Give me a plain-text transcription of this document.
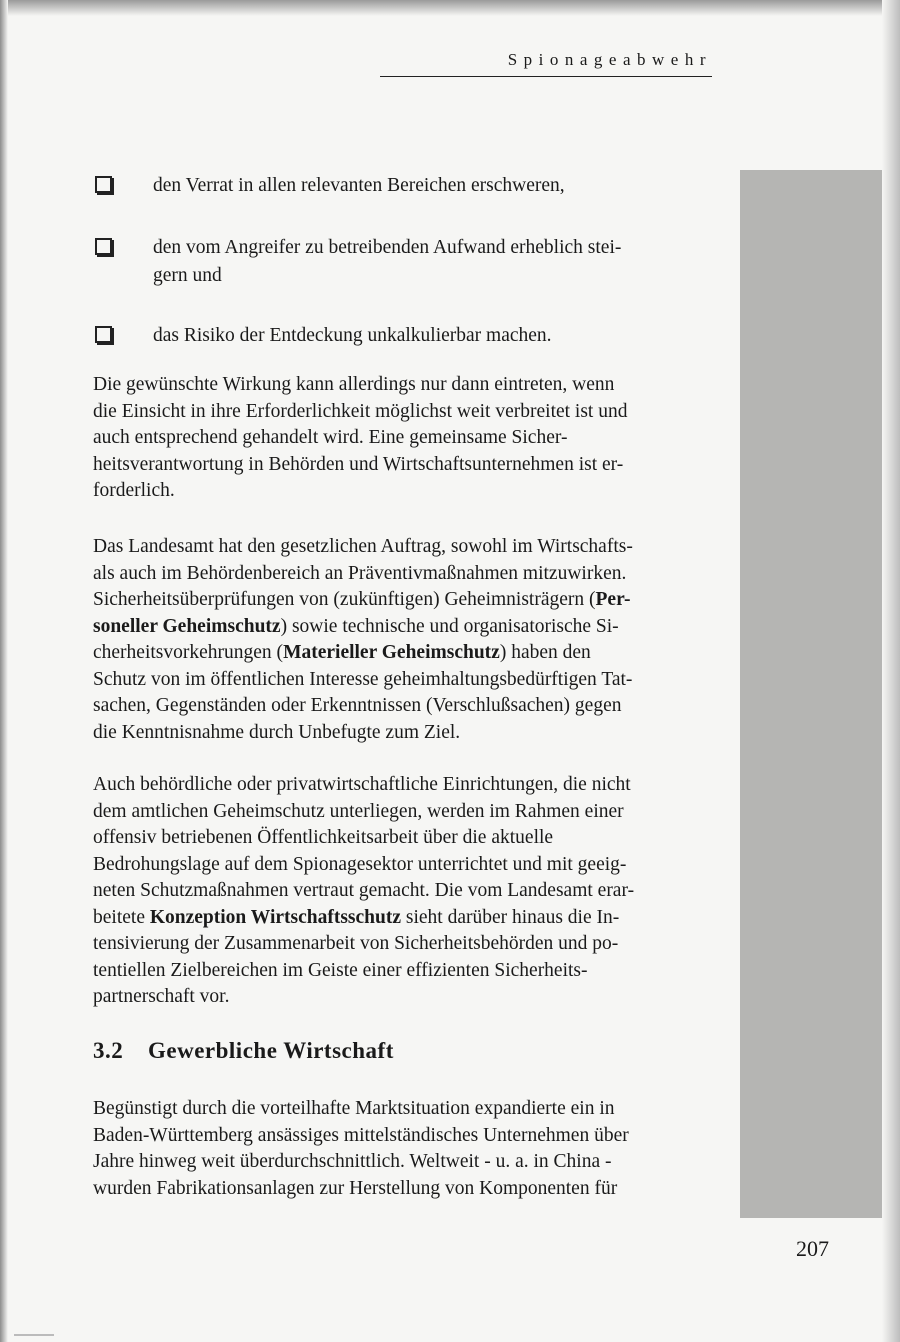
Spionageabwehr
den Verrat in allen relevanten Bereichen erschweren,
den vom Angreifer zu betreibenden Aufwand erheblich stei-
gern und
das Risiko der Entdeckung unkalkulierbar machen.
Die gewünschte Wirkung kann allerdings nur dann eintreten, wenn
die Einsicht in ihre Erforderlichkeit möglichst weit verbreitet ist und
auch entsprechend gehandelt wird. Eine gemeinsame Sicher-
heitsverantwortung in Behörden und Wirtschaftsunternehmen ist er-
forderlich.
Das Landesamt hat den gesetzlichen Auftrag, sowohl im Wirtschafts-
als auch im Behördenbereich an Präventivmaßnahmen mitzuwirken.
Sicherheitsüberprüfungen von (zukünftigen) Geheimnisträgern (Per-
soneller Geheimschutz) sowie technische und organisatorische Si-
cherheitsvorkehrungen (Materieller Geheimschutz) haben den
Schutz von im öffentlichen Interesse geheimhaltungsbedürftigen Tat-
sachen, Gegenständen oder Erkenntnissen (Verschlußsachen) gegen
die Kenntnisnahme durch Unbefugte zum Ziel.
Auch behördliche oder privatwirtschaftliche Einrichtungen, die nicht
dem amtlichen Geheimschutz unterliegen, werden im Rahmen einer
offensiv betriebenen Öffentlichkeitsarbeit über die aktuelle
Bedrohungslage auf dem Spionagesektor unterrichtet und mit geeig-
neten Schutzmaßnahmen vertraut gemacht. Die vom Landesamt erar-
beitete Konzeption Wirtschaftsschutz sieht darüber hinaus die In-
tensivierung der Zusammenarbeit von Sicherheitsbehörden und po-
tentiellen Zielbereichen im Geiste einer effizienten Sicherheits-
partnerschaft vor.
3.2 Gewerbliche Wirtschaft
Begünstigt durch die vorteilhafte Marktsituation expandierte ein in
Baden-Württemberg ansässiges mittelständisches Unternehmen über
Jahre hinweg weit überdurchschnittlich. Weltweit - u. a. in China -
wurden Fabrikationsanlagen zur Herstellung von Komponenten für
207
